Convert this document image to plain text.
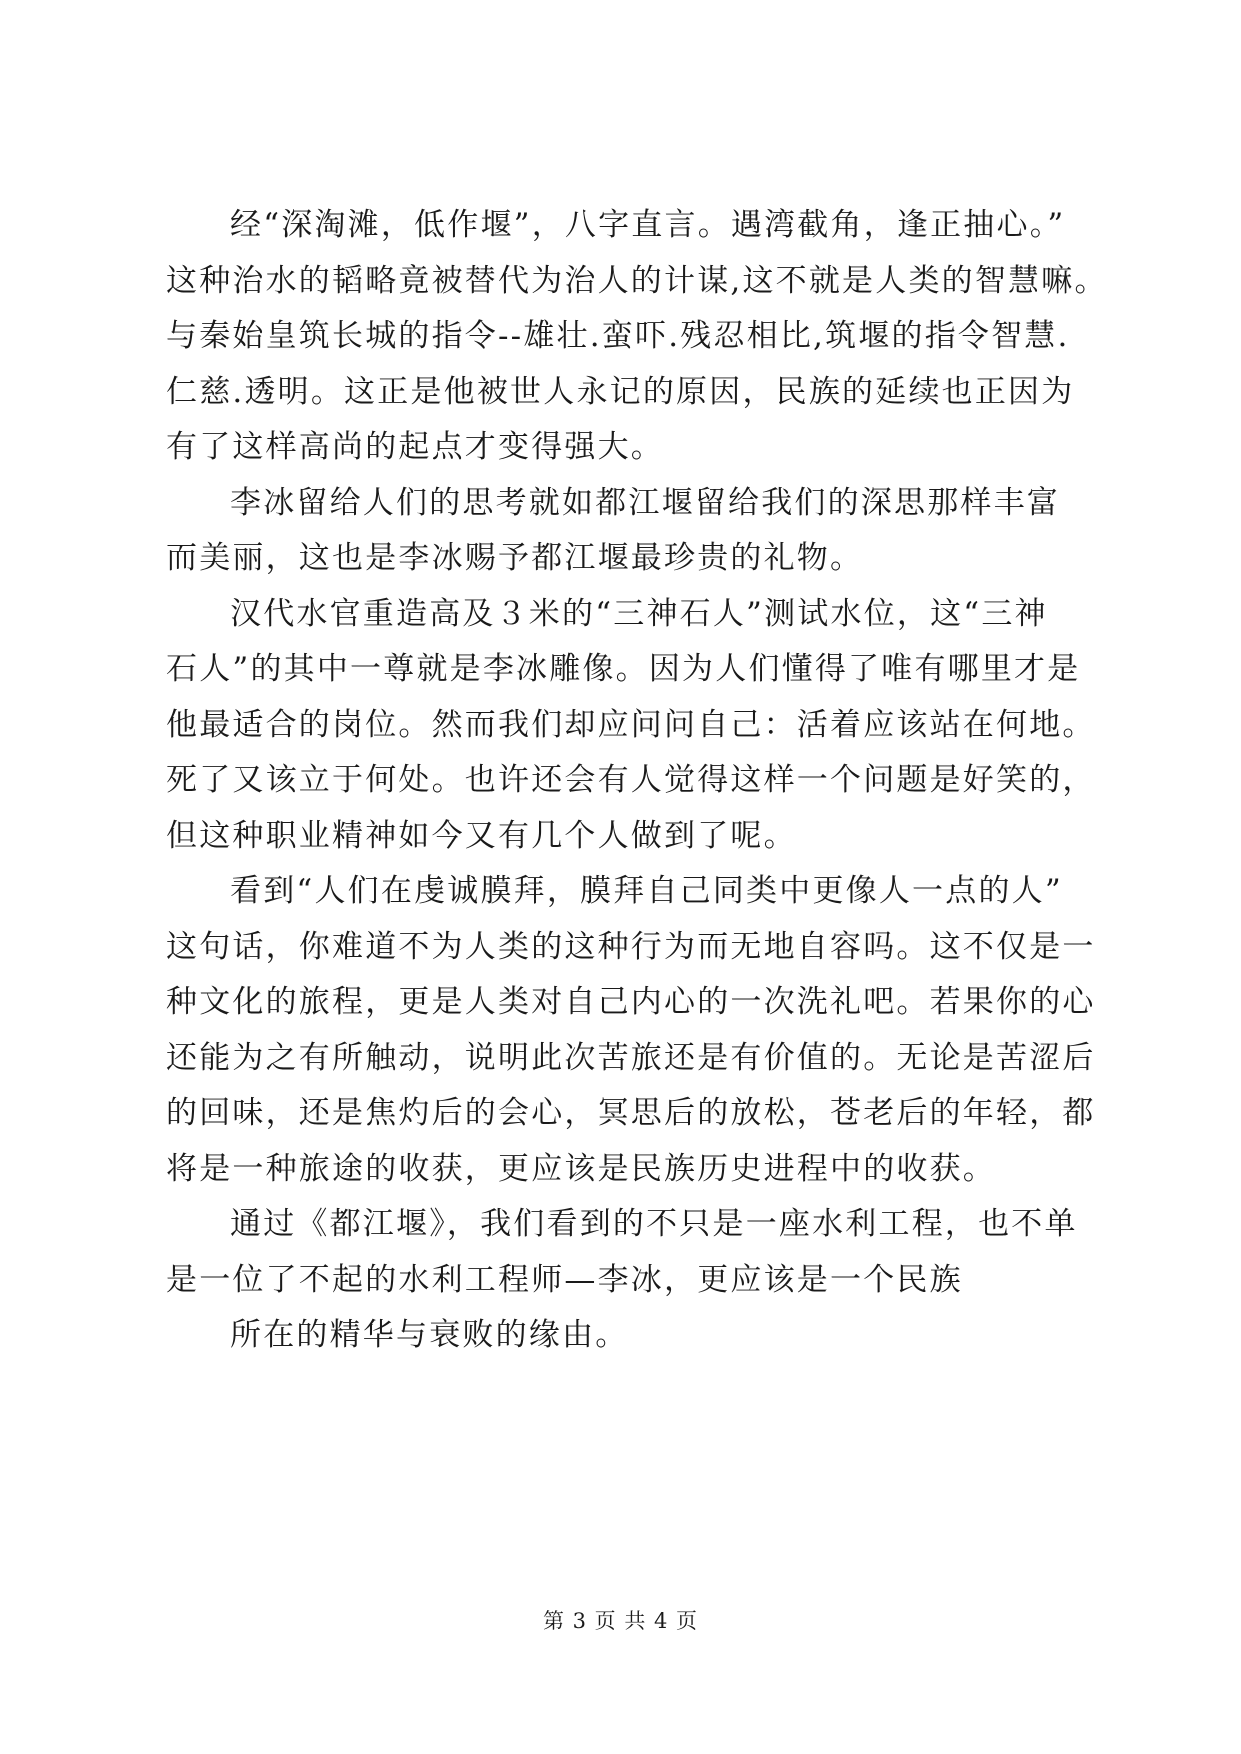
经“深淘滩，低作堰”，八字直言。遇湾截角，逢正抽心。”
这种治水的韬略竟被替代为治人的计谋,这不就是人类的智慧嘛。
与秦始皇筑长城的指令--雄壮.蛮吓.残忍相比,筑堰的指令智慧.
仁慈.透明。这正是他被世人永记的原因，民族的延续也正因为
有了这样高尚的起点才变得强大。
李冰留给人们的思考就如都江堰留给我们的深思那样丰富
而美丽，这也是李冰赐予都江堰最珍贵的礼物。
汉代水官重造高及３米的“三神石人”测试水位，这“三神
石人”的其中一尊就是李冰雕像。因为人们懂得了唯有哪里才是
他最适合的岗位。然而我们却应问问自己：活着应该站在何地。
死了又该立于何处。也许还会有人觉得这样一个问题是好笑的，
但这种职业精神如今又有几个人做到了呢。
看到“人们在虔诚膜拜，膜拜自己同类中更像人一点的人”
这句话，你难道不为人类的这种行为而无地自容吗。这不仅是一
种文化的旅程，更是人类对自己内心的一次洗礼吧。若果你的心
还能为之有所触动，说明此次苦旅还是有价值的。无论是苦涩后
的回味，还是焦灼后的会心，冥思后的放松，苍老后的年轻，都
将是一种旅途的收获，更应该是民族历史进程中的收获。
通过《都江堰》，我们看到的不只是一座水利工程，也不单
是一位了不起的水利工程师—李冰，更应该是一个民族
所在的精华与衰败的缘由。
第 3 页 共 4 页
